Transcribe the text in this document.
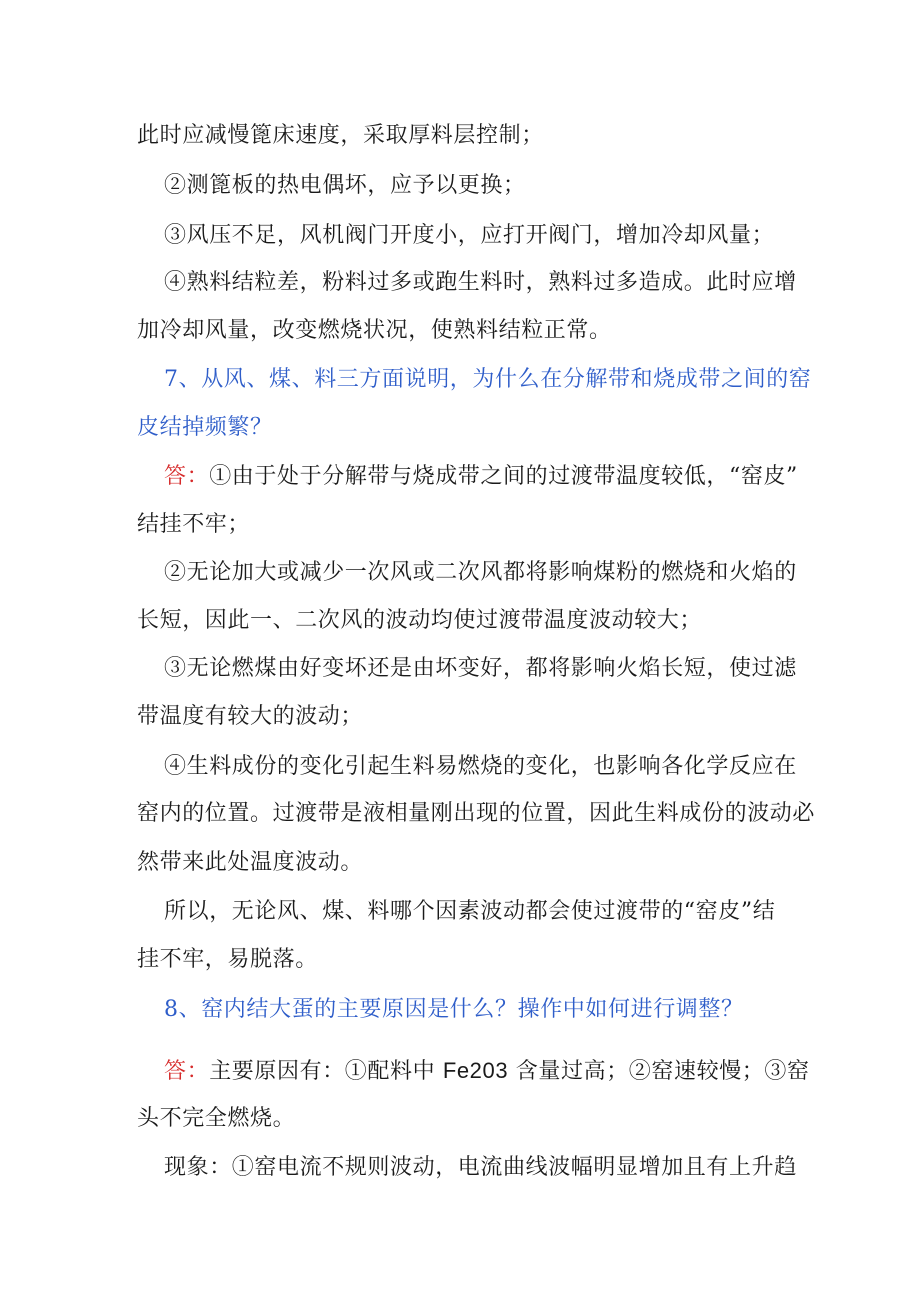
此时应减慢篦床速度，采取厚料层控制；
②测篦板的热电偶坏，应予以更换；
③风压不足，风机阀门开度小，应打开阀门，增加冷却风量；
④熟料结粒差，粉料过多或跑生料时，熟料过多造成。此时应增
加冷却风量，改变燃烧状况，使熟料结粒正常。
7、从风、煤、料三方面说明，为什么在分解带和烧成带之间的窑
皮结掉频繁？
答：①由于处于分解带与烧成带之间的过渡带温度较低，“窑皮”
结挂不牢；
②无论加大或减少一次风或二次风都将影响煤粉的燃烧和火焰的
长短，因此一、二次风的波动均使过渡带温度波动较大；
③无论燃煤由好变坏还是由坏变好，都将影响火焰长短，使过滤
带温度有较大的波动；
④生料成份的变化引起生料易燃烧的变化，也影响各化学反应在
窑内的位置。过渡带是液相量刚出现的位置，因此生料成份的波动必
然带来此处温度波动。
所以，无论风、煤、料哪个因素波动都会使过渡带的“窑皮”结
挂不牢，易脱落。
8、窑内结大蛋的主要原因是什么？操作中如何进行调整？
答：主要原因有：①配料中 Fe203 含量过高；②窑速较慢；③窑
头不完全燃烧。
现象：①窑电流不规则波动，电流曲线波幅明显增加且有上升趋
